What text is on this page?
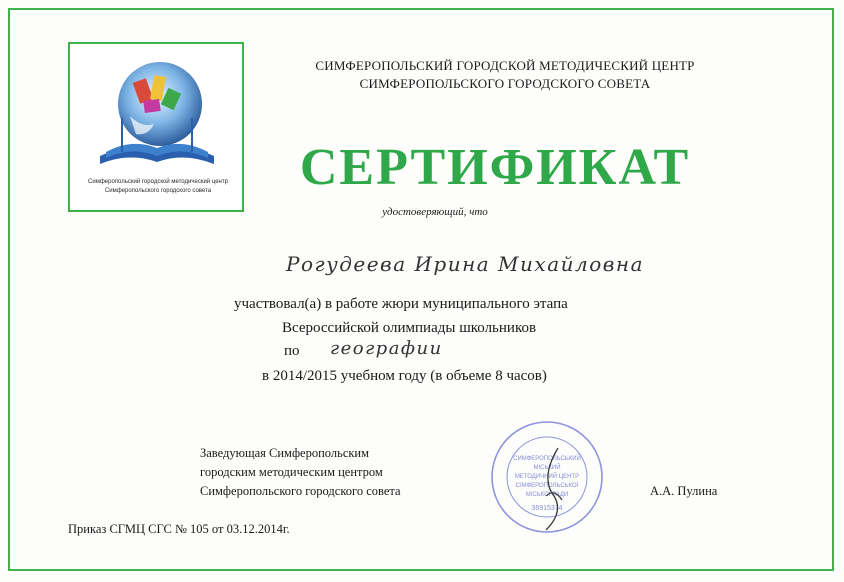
Симферопольский городской методический центр
Симферопольского городского совета
СИМФЕРОПОЛЬСКИЙ ГОРОДСКОЙ МЕТОДИЧЕСКИЙ ЦЕНТР
СИМФЕРОПОЛЬСКОГО ГОРОДСКОГО СОВЕТА
СЕРТИФИКАТ
удостоверяющий, что
Рогудеева Ирина Михайловна
участвовал(а) в работе жюри муниципального этапа
Всероссийской олимпиады школьников
по географии
в 2014/2015 учебном году (в объеме 8 часов)
Заведующая Симферопольским
городским методическим центром
Симферопольского городского совета	А.А. Пулина
СИМФЕРОПОЛЬСЬКИЙ
МІСЬКИЙ
МЕТОДИЧНИЙ ЦЕНТР
СІМФЕРОПОЛЬСЬКОЇ
МІСЬКОЇ РАДИ
36915374
Приказ СГМЦ СГС № 105 от 03.12.2014г.
